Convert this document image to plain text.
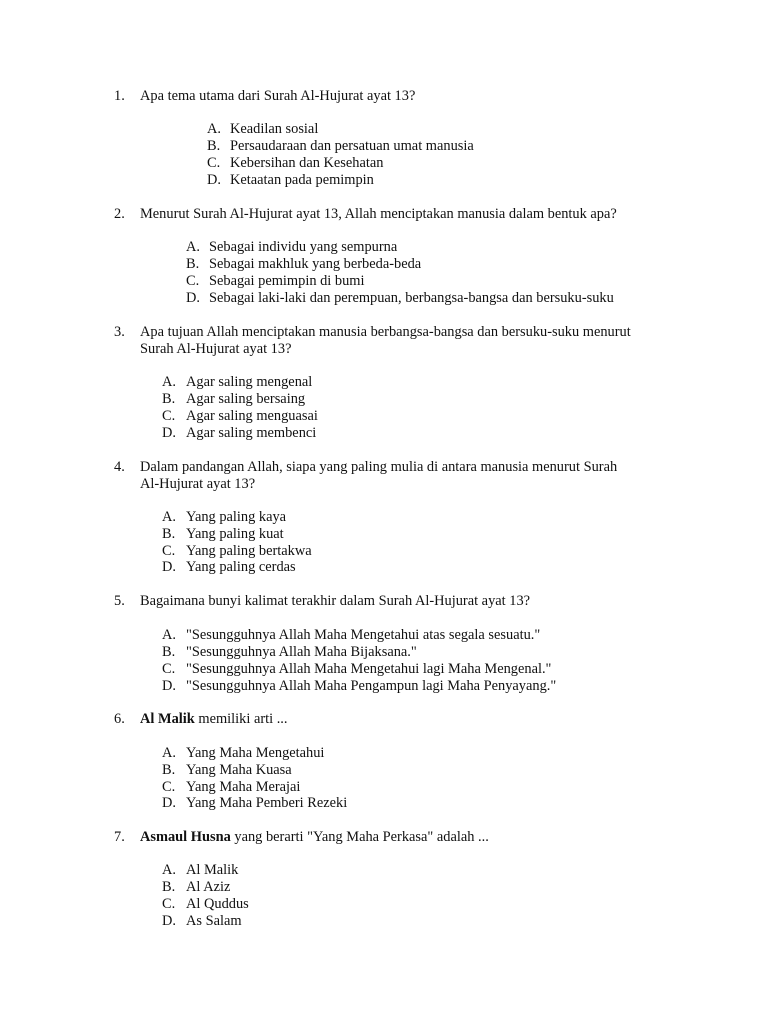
1.	Apa tema utama dari Surah Al-Hujurat ayat 13?
A. Keadilan sosial
B. Persaudaraan dan persatuan umat manusia
C. Kebersihan dan Kesehatan
D. Ketaatan pada pemimpin
2.	Menurut Surah Al-Hujurat ayat 13, Allah menciptakan manusia dalam bentuk apa?
A. Sebagai individu yang sempurna
B. Sebagai makhluk yang berbeda-beda
C. Sebagai pemimpin di bumi
D. Sebagai laki-laki dan perempuan, berbangsa-bangsa dan bersuku-suku
3.	Apa tujuan Allah menciptakan manusia berbangsa-bangsa dan bersuku-suku menurut
Surah Al-Hujurat ayat 13?
A. Agar saling mengenal
B. Agar saling bersaing
C. Agar saling menguasai
D. Agar saling membenci
4.	Dalam pandangan Allah, siapa yang paling mulia di antara manusia menurut Surah
Al-Hujurat ayat 13?
A. Yang paling kaya
B. Yang paling kuat
C. Yang paling bertakwa
D. Yang paling cerdas
5.	Bagaimana bunyi kalimat terakhir dalam Surah Al-Hujurat ayat 13?
A. "Sesungguhnya Allah Maha Mengetahui atas segala sesuatu."
B. "Sesungguhnya Allah Maha Bijaksana."
C. "Sesungguhnya Allah Maha Mengetahui lagi Maha Mengenal."
D. "Sesungguhnya Allah Maha Pengampun lagi Maha Penyayang."
6.	Al Malik memiliki arti ...
A. Yang Maha Mengetahui
B. Yang Maha Kuasa
C. Yang Maha Merajai
D. Yang Maha Pemberi Rezeki
7.	Asmaul Husna yang berarti "Yang Maha Perkasa" adalah ...
A. Al Malik
B. Al Aziz
C. Al Quddus
D. As Salam
